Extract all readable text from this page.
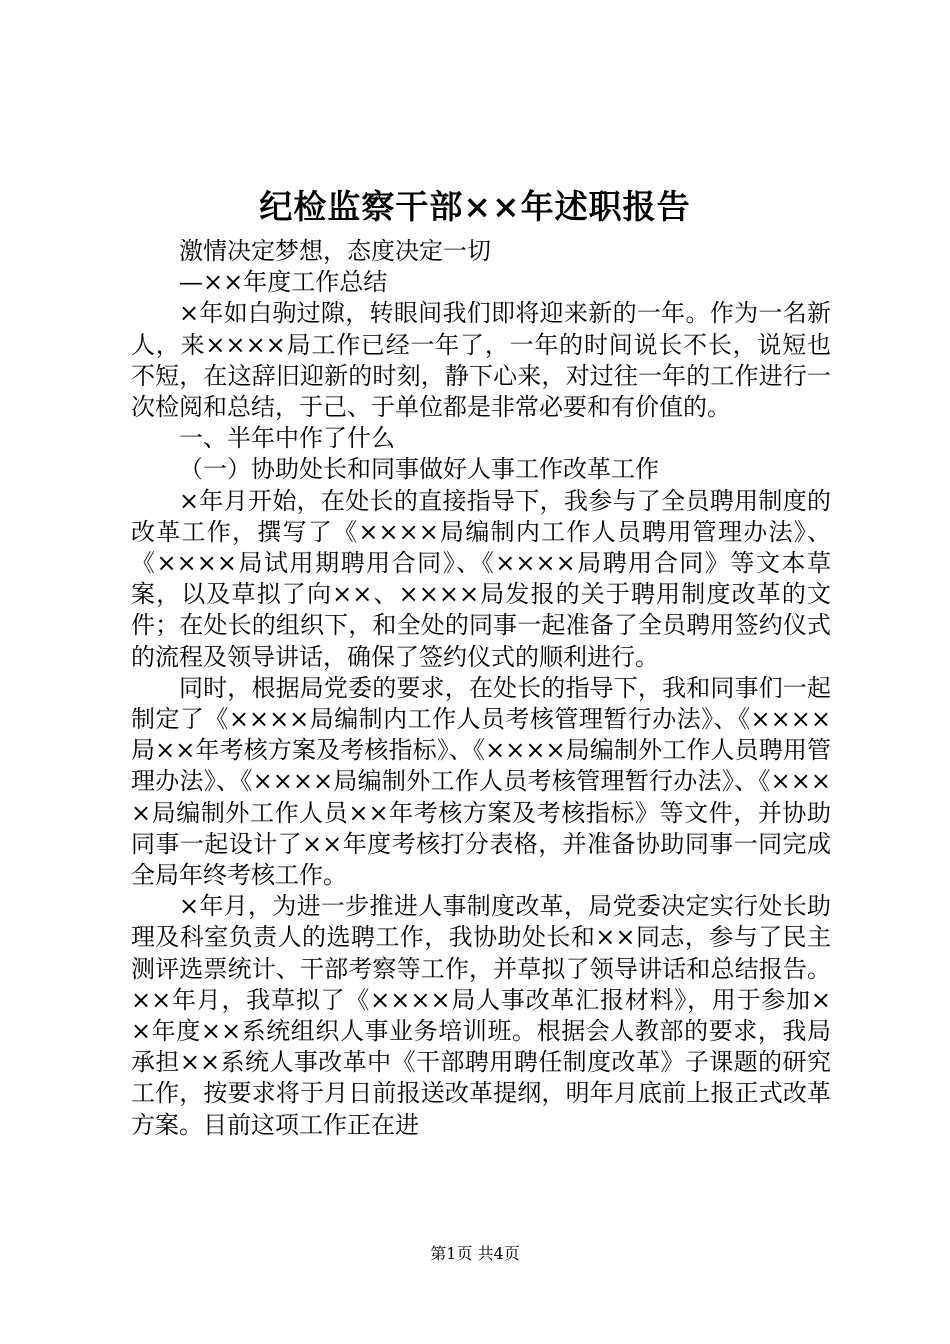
纪检监察干部××年述职报告

激情决定梦想，态度决定一切

—××年度工作总结

×年如白驹过隙，转眼间我们即将迎来新的一年。作为一名新人，来××××局工作已经一年了，一年的时间说长不长，说短也不短，在这辞旧迎新的时刻，静下心来，对过往一年的工作进行一次检阅和总结，于己、于单位都是非常必要和有价值的。

一、半年中作了什么

（一）协助处长和同事做好人事工作改革工作

×年月开始，在处长的直接指导下，我参与了全员聘用制度的改革工作，撰写了《××××局编制内工作人员聘用管理办法》、《××××局试用期聘用合同》、《××××局聘用合同》等文本草案，以及草拟了向××、××××局发报的关于聘用制度改革的文件；在处长的组织下，和全处的同事一起准备了全员聘用签约仪式的流程及领导讲话，确保了签约仪式的顺利进行。

同时，根据局党委的要求，在处长的指导下，我和同事们一起制定了《××××局编制内工作人员考核管理暂行办法》、《××××局××年考核方案及考核指标》、《××××局编制外工作人员聘用管理办法》、《××××局编制外工作人员考核管理暂行办法》、《××××局编制外工作人员××年考核方案及考核指标》等文件，并协助同事一起设计了××年度考核打分表格，并准备协助同事一同完成全局年终考核工作。

×年月，为进一步推进人事制度改革，局党委决定实行处长助理及科室负责人的选聘工作，我协助处长和××同志，参与了民主测评选票统计、干部考察等工作，并草拟了领导讲话和总结报告。××年月，我草拟了《××××局人事改革汇报材料》，用于参加××年度××系统组织人事业务培训班。根据会人教部的要求，我局承担××系统人事改革中《干部聘用聘任制度改革》子课题的研究工作，按要求将于月日前报送改革提纲，明年月底前上报正式改革方案。目前这项工作正在进

第1页 共4页
